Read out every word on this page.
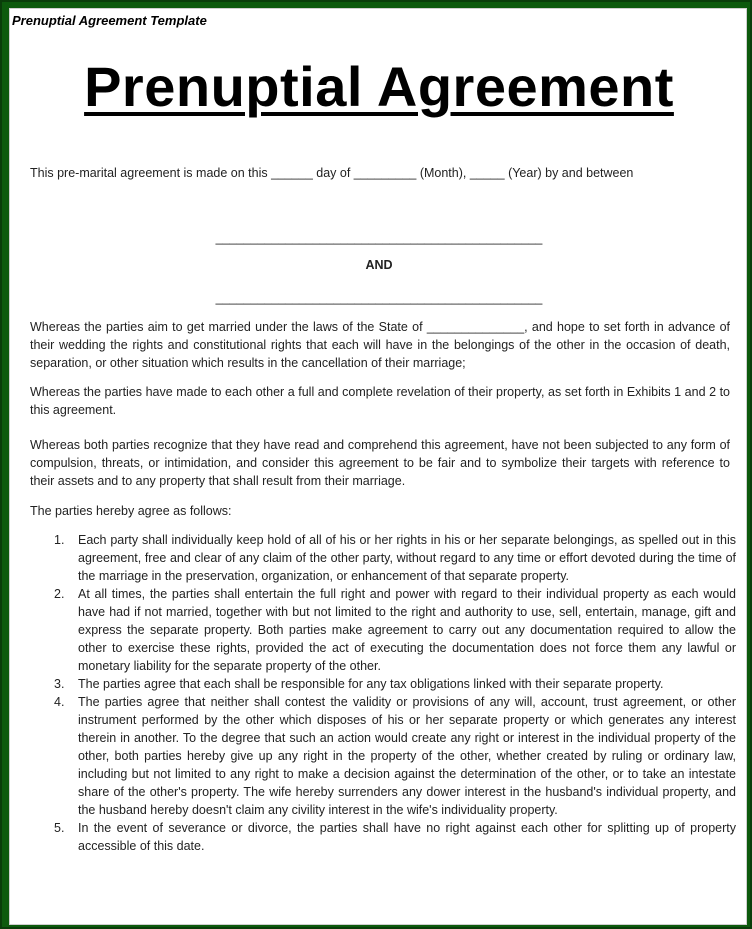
Prenuptial Agreement Template
Prenuptial Agreement
This pre-marital agreement is made on this ______ day of _________ (Month), _____ (Year) by and between
_______________________________________________
AND
_______________________________________________
Whereas the parties aim to get married under the laws of the State of ______________, and hope to set forth in advance of their wedding the rights and constitutional rights that each will have in the belongings of the other in the occasion of death, separation, or other situation which results in the cancellation of their marriage;
Whereas the parties have made to each other a full and complete revelation of their property, as set forth in Exhibits 1 and 2 to this agreement.
Whereas both parties recognize that they have read and comprehend this agreement, have not been subjected to any form of compulsion, threats, or intimidation, and consider this agreement to be fair and to symbolize their targets with reference to their assets and to any property that shall result from their marriage.
The parties hereby agree as follows:
1. Each party shall individually keep hold of all of his or her rights in his or her separate belongings, as spelled out in this agreement, free and clear of any claim of the other party, without regard to any time or effort devoted during the time of the marriage in the preservation, organization, or enhancement of that separate property.
2. At all times, the parties shall entertain the full right and power with regard to their individual property as each would have had if not married, together with but not limited to the right and authority to use, sell, entertain, manage, gift and express the separate property. Both parties make agreement to carry out any documentation required to allow the other to exercise these rights, provided the act of executing the documentation does not force them any lawful or monetary liability for the separate property of the other.
3. The parties agree that each shall be responsible for any tax obligations linked with their separate property.
4. The parties agree that neither shall contest the validity or provisions of any will, account, trust agreement, or other instrument performed by the other which disposes of his or her separate property or which generates any interest therein in another. To the degree that such an action would create any right or interest in the individual property of the other, both parties hereby give up any right in the property of the other, whether created by ruling or ordinary law, including but not limited to any right to make a decision against the determination of the other, or to take an intestate share of the other's property. The wife hereby surrenders any dower interest in the husband's individual property, and the husband hereby doesn't claim any civility interest in the wife's individuality property.
5. In the event of severance or divorce, the parties shall have no right against each other for splitting up of property accessible of this date.
